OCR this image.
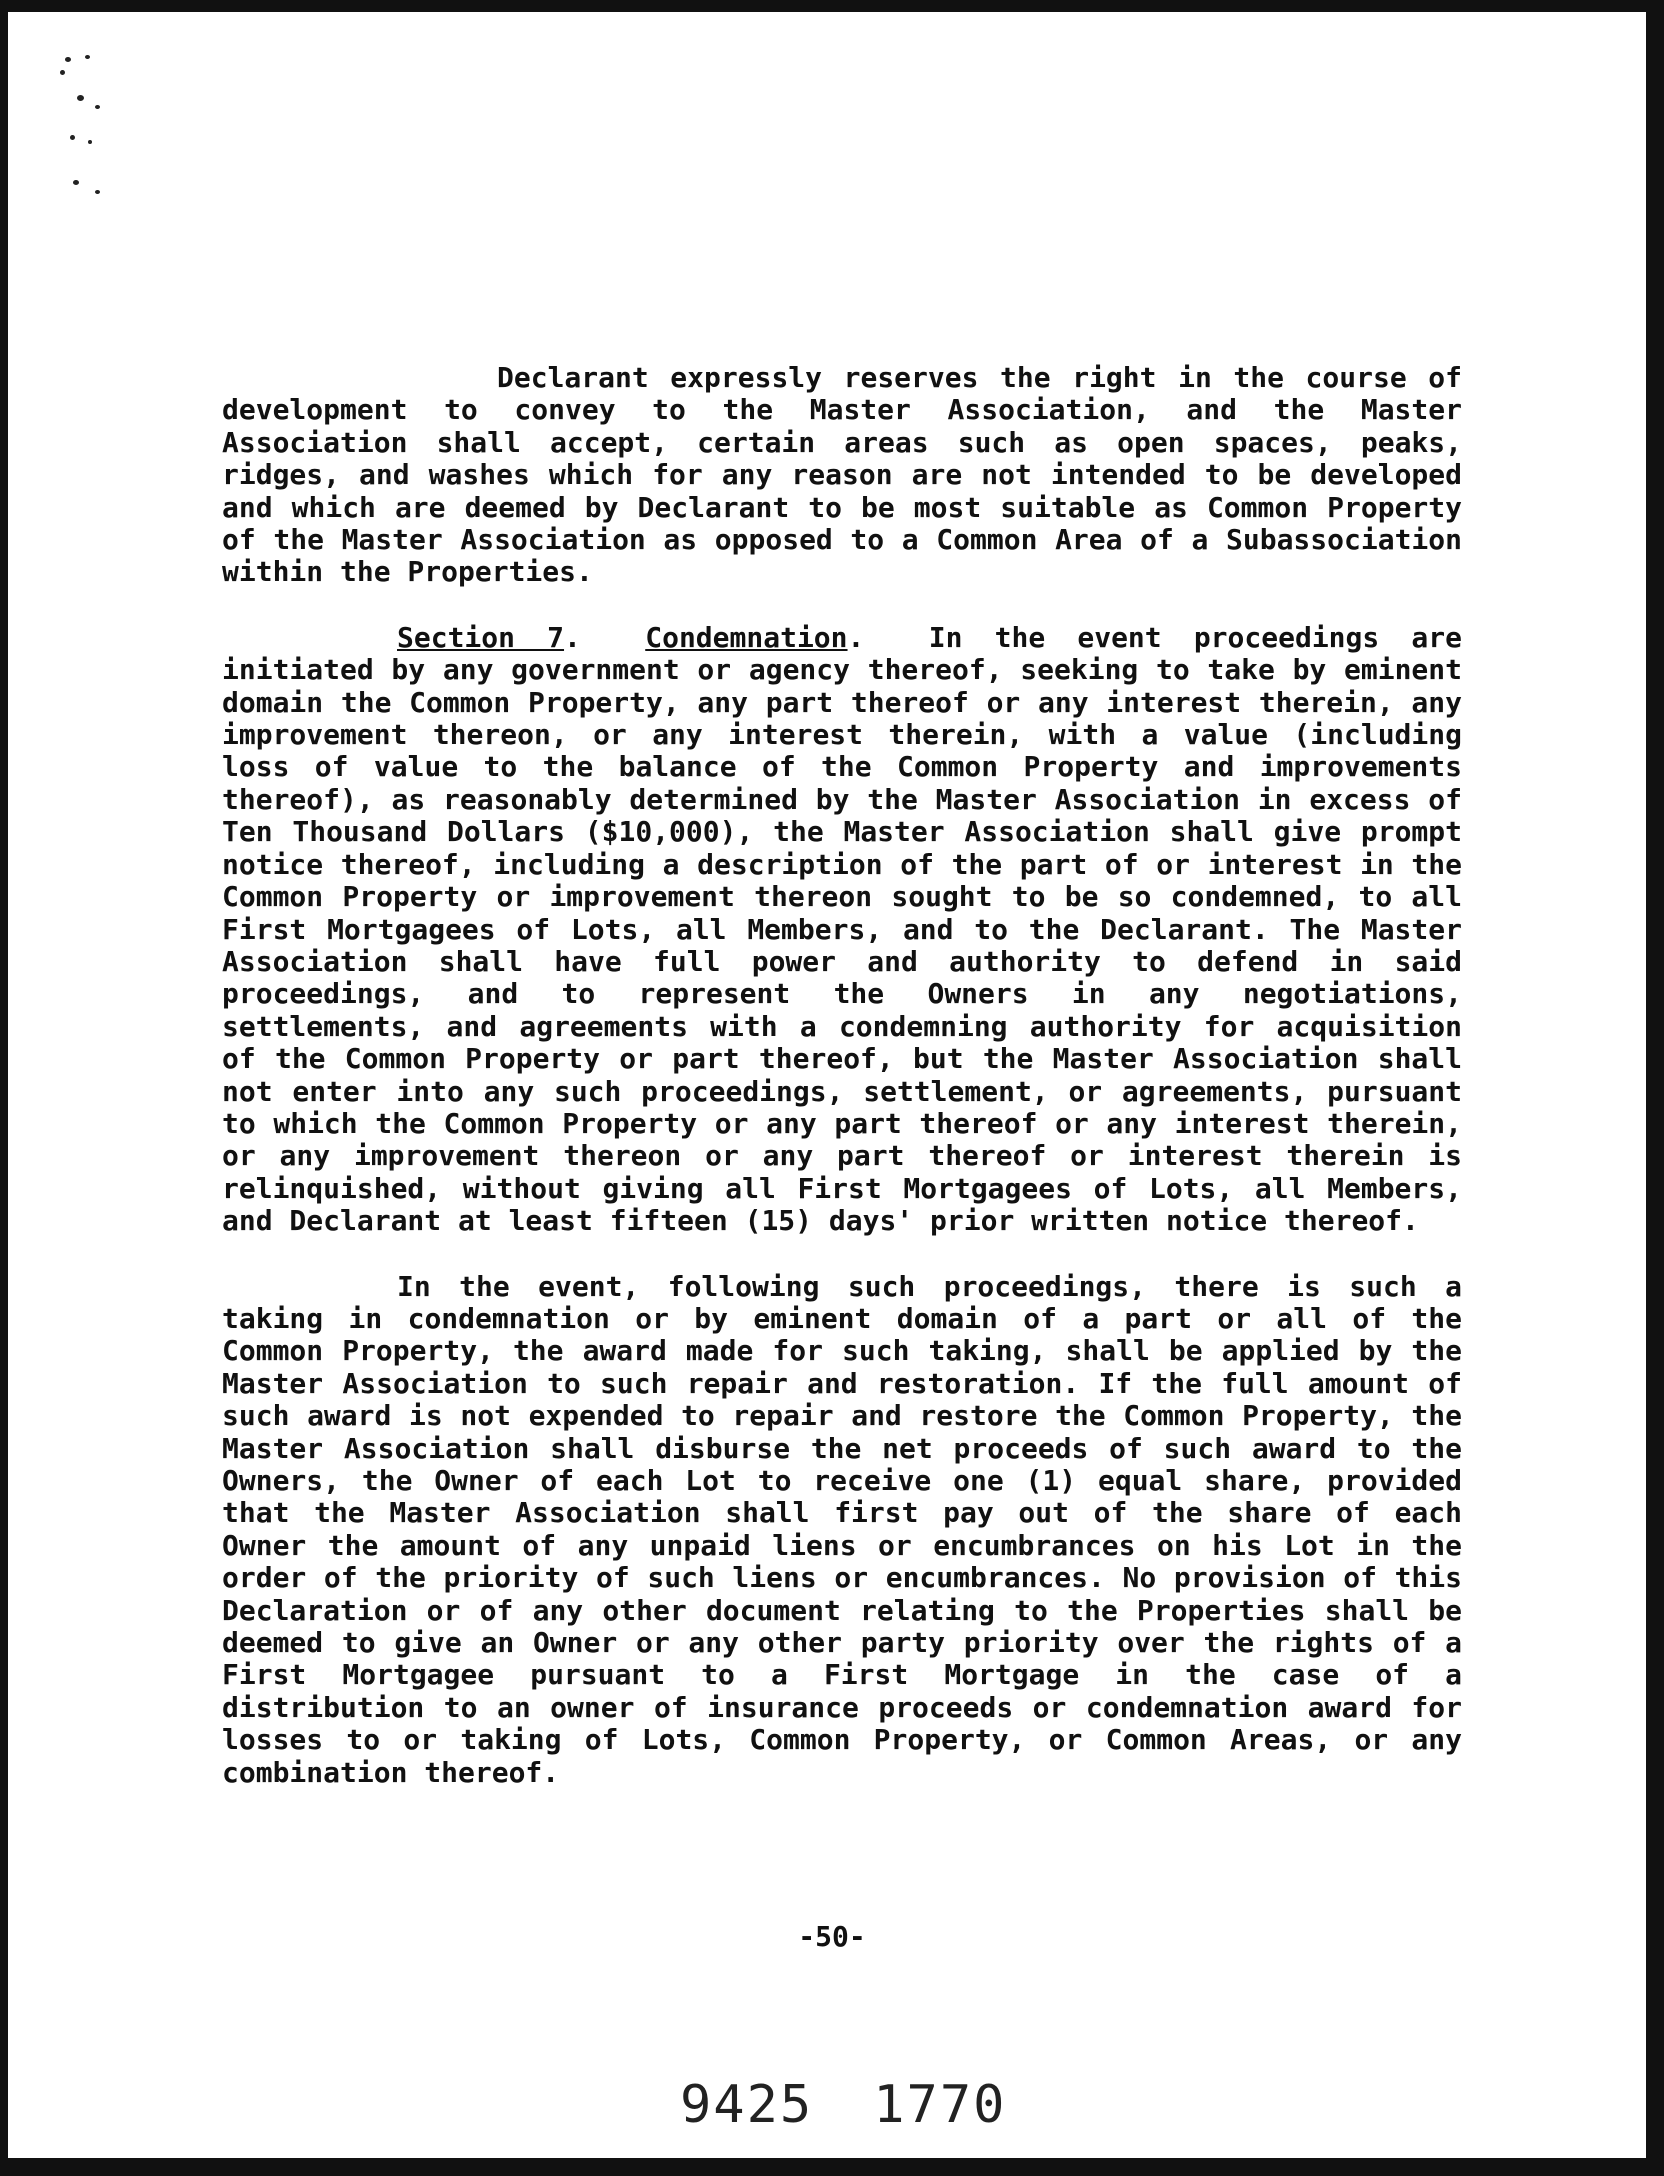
Declarant expressly reserves the right in the course of development to convey to the Master Association, and the Master Association shall accept, certain areas such as open spaces, peaks, ridges, and washes which for any reason are not intended to be developed and which are deemed by Declarant to be most suitable as Common Property of the Master Association as opposed to a Common Area of a Subassociation within the Properties.

Section 7.  Condemnation.  In the event proceedings are initiated by any government or agency thereof, seeking to take by eminent domain the Common Property, any part thereof or any interest therein, any improvement thereon, or any interest therein, with a value (including loss of value to the balance of the Common Property and improvements thereof), as reasonably determined by the Master Association in excess of Ten Thousand Dollars ($10,000), the Master Association shall give prompt notice thereof, including a description of the part of or interest in the Common Property or improvement thereon sought to be so condemned, to all First Mortgagees of Lots, all Members, and to the Declarant. The Master Association shall have full power and authority to defend in said proceedings, and to represent the Owners in any negotiations, settlements, and agreements with a condemning authority for acquisition of the Common Property or part thereof, but the Master Association shall not enter into any such proceedings, settlement, or agreements, pursuant to which the Common Property or any part thereof or any interest therein, or any improvement thereon or any part thereof or interest therein is relinquished, without giving all First Mortgagees of Lots, all Members, and Declarant at least fifteen (15) days' prior written notice thereof.

In the event, following such proceedings, there is such a taking in condemnation or by eminent domain of a part or all of the Common Property, the award made for such taking, shall be applied by the Master Association to such repair and restoration. If the full amount of such award is not expended to repair and restore the Common Property, the Master Association shall disburse the net proceeds of such award to the Owners, the Owner of each Lot to receive one (1) equal share, provided that the Master Association shall first pay out of the share of each Owner the amount of any unpaid liens or encumbrances on his Lot in the order of the priority of such liens or encumbrances. No provision of this Declaration or of any other document relating to the Properties shall be deemed to give an Owner or any other party priority over the rights of a First Mortgagee pursuant to a First Mortgage in the case of a distribution to an owner of insurance proceeds or condemnation award for losses to or taking of Lots, Common Property, or Common Areas, or any combination thereof.

-50-
9425 1770
